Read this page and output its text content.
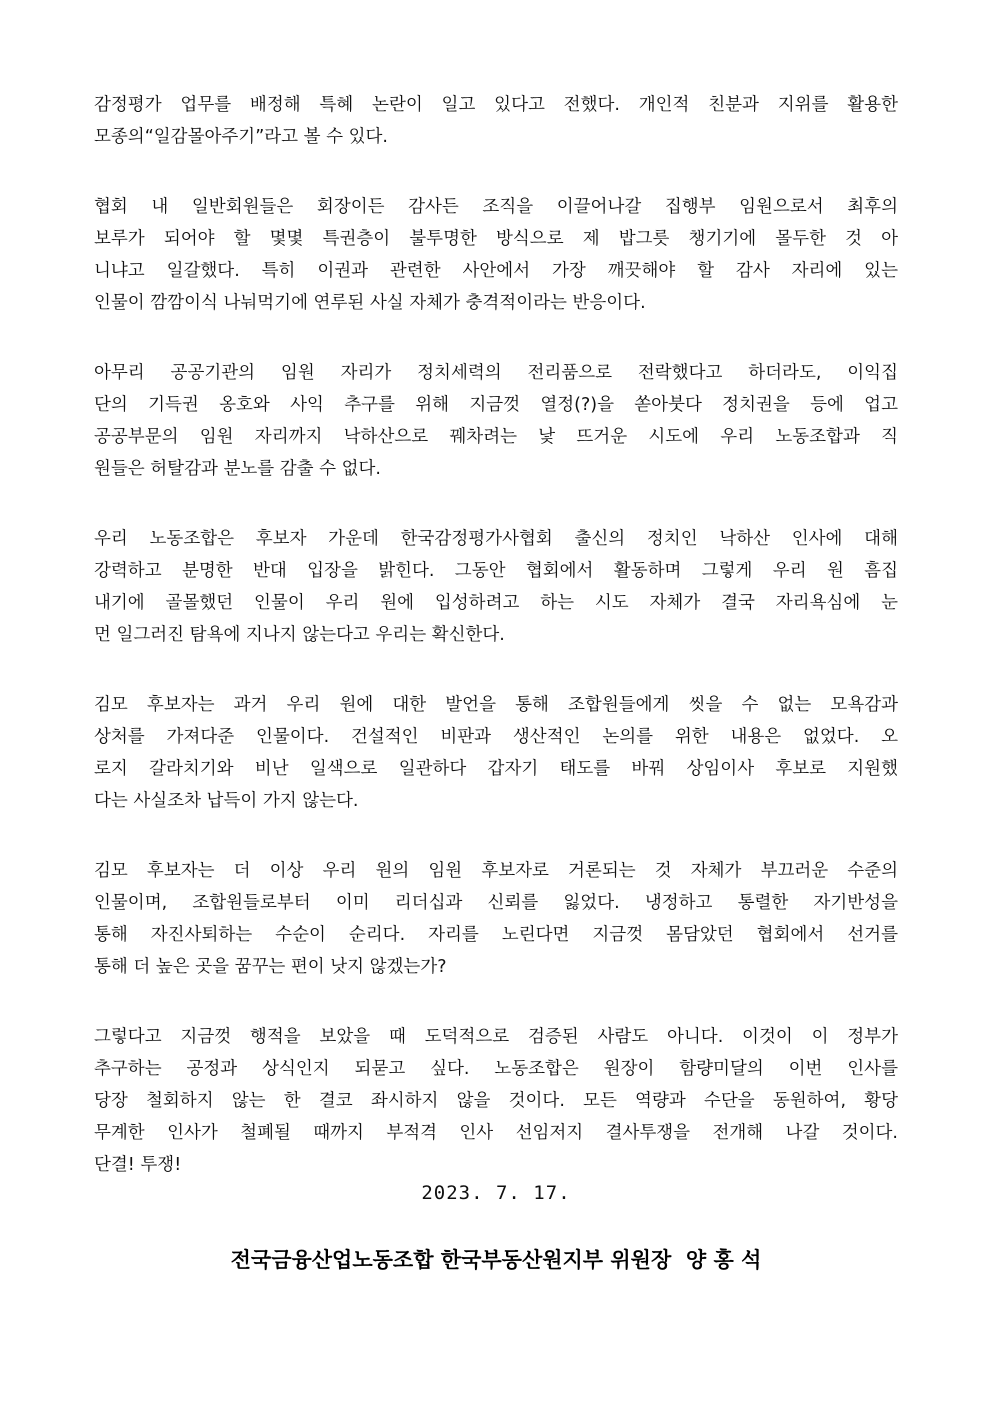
감정평가 업무를 배정해 특혜 논란이 일고 있다고 전했다. 개인적 친분과 지위를 활용한
모종의“일감몰아주기”라고 볼 수 있다.
협회 내 일반회원들은 회장이든 감사든 조직을 이끌어나갈 집행부 임원으로서 최후의
보루가 되어야 할 몇몇 특권층이 불투명한 방식으로 제 밥그릇 챙기기에 몰두한 것 아
니냐고 일갈했다. 특히 이권과 관련한 사안에서 가장 깨끗해야 할 감사 자리에 있는
인물이 깜깜이식 나눠먹기에 연루된 사실 자체가 충격적이라는 반응이다.
아무리 공공기관의 임원 자리가 정치세력의 전리품으로 전락했다고 하더라도, 이익집
단의 기득권 옹호와 사익 추구를 위해 지금껏 열정(?)을 쏟아붓다 정치권을 등에 업고
공공부문의 임원 자리까지 낙하산으로 꿰차려는 낯 뜨거운 시도에 우리 노동조합과 직
원들은 허탈감과 분노를 감출 수 없다.
우리 노동조합은 후보자 가운데 한국감정평가사협회 출신의 정치인 낙하산 인사에 대해
강력하고 분명한 반대 입장을 밝힌다. 그동안 협회에서 활동하며 그렇게 우리 원 흠집
내기에 골몰했던 인물이 우리 원에 입성하려고 하는 시도 자체가 결국 자리욕심에 눈
먼 일그러진 탐욕에 지나지 않는다고 우리는 확신한다.
김모 후보자는 과거 우리 원에 대한 발언을 통해 조합원들에게 씻을 수 없는 모욕감과
상처를 가져다준 인물이다. 건설적인 비판과 생산적인 논의를 위한 내용은 없었다. 오
로지 갈라치기와 비난 일색으로 일관하다 갑자기 태도를 바꿔 상임이사 후보로 지원했
다는 사실조차 납득이 가지 않는다.
김모 후보자는 더 이상 우리 원의 임원 후보자로 거론되는 것 자체가 부끄러운 수준의
인물이며, 조합원들로부터 이미 리더십과 신뢰를 잃었다. 냉정하고 통렬한 자기반성을
통해 자진사퇴하는 수순이 순리다. 자리를 노린다면 지금껏 몸담았던 협회에서 선거를
통해 더 높은 곳을 꿈꾸는 편이 낫지 않겠는가?
그렇다고 지금껏 행적을 보았을 때 도덕적으로 검증된 사람도 아니다. 이것이 이 정부가
추구하는 공정과 상식인지 되묻고 싶다. 노동조합은 원장이 함량미달의 이번 인사를
당장 철회하지 않는 한 결코 좌시하지 않을 것이다. 모든 역량과 수단을 동원하여, 황당
무계한 인사가 철폐될 때까지 부적격 인사 선임저지 결사투쟁을 전개해 나갈 것이다.
단결! 투쟁!
2023. 7. 17.
전국금융산업노동조합 한국부동산원지부 위원장  양 홍 석
